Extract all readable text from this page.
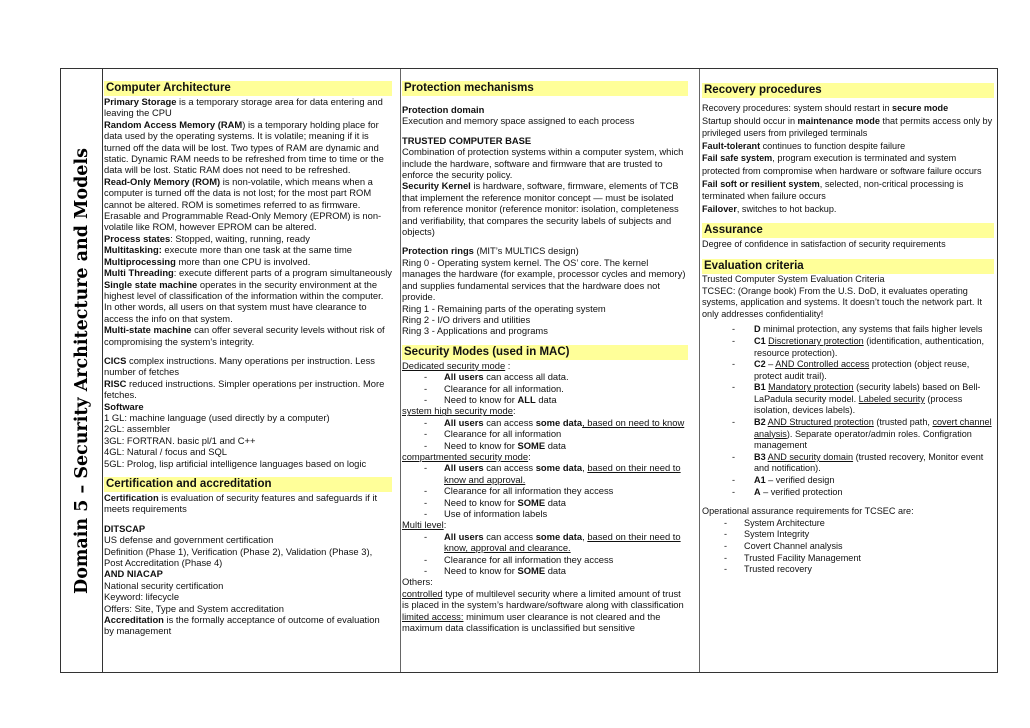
Domain 5 – Security Architecture and Models
Computer Architecture
Primary Storage is a temporary storage area for data entering and leaving the CPU
Random Access Memory (RAM) is a temporary holding place for data used by the operating systems. It is volatile; meaning if it is turned off the data will be lost. Two types of RAM are dynamic and static. Dynamic RAM needs to be refreshed from time to time or the data will be lost. Static RAM does not need to be refreshed.
Read-Only Memory (ROM) is non-volatile, which means when a computer is turned off the data is not lost; for the most part ROM cannot be altered. ROM is sometimes referred to as firmware. Erasable and Programmable Read-Only Memory (EPROM) is non-volatile like ROM, however EPROM can be altered.
Process states: Stopped, waiting, running, ready
Multitasking: execute more than one task at the same time
Multiprocessing more than one CPU is involved.
Multi Threading: execute different parts of a program simultaneously
Single state machine operates in the security environment at the highest level of classification of the information within the computer. In other words, all users on that system must have clearance to access the info on that system.
Multi-state machine can offer several security levels without risk of compromising the system’s integrity.
CICS complex instructions. Many operations per instruction. Less number of fetches
RISC reduced instructions. Simpler operations per instruction. More fetches.
Software
1 GL: machine language (used directly by a computer)
2GL: assembler
3GL: FORTRAN. basic pl/1 and C++
4GL: Natural / focus and SQL
5GL: Prolog, lisp artificial intelligence languages based on logic
Certification and accreditation
Certification is evaluation of security features and safeguards if it meets requirements
DITSCAP
US defense and government certification
Definition (Phase 1), Verification (Phase 2), Validation (Phase 3), Post Accreditation (Phase 4)
AND NIACAP
National security certification
Keyword: lifecycle
Offers: Site, Type and System accreditation
Accreditation is the formally acceptance of outcome of evaluation by management
Protection mechanisms
Protection domain
Execution and memory space assigned to each process
TRUSTED COMPUTER BASE
Combination of protection systems within a computer system, which include the hardware, software and firmware that are trusted to enforce the security policy.
Security Kernel is hardware, software, firmware, elements of TCB that implement the reference monitor concept — must be isolated from reference monitor (reference monitor: isolation, completeness and verifiability, that compares the security labels of subjects and objects)
Protection rings (MIT’s MULTICS design)
Ring 0 - Operating system kernel. The OS’ core. The kernel manages the hardware (for example, processor cycles and memory) and supplies fundamental services that the hardware does not provide.
Ring 1 - Remaining parts of the operating system
Ring 2 - I/O drivers and utilities
Ring 3 - Applications and programs
Security Modes (used in MAC)
Dedicated security mode :
- All users can access all data.
- Clearance for all information.
- Need to know for ALL data
system high security mode:
- All users can access some data, based on need to know
- Clearance for all information
- Need to know for SOME data
compartmented security mode:
- All users can access some data, based on their need to know and approval.
- Clearance for all information they access
- Need to know for SOME data
- Use of information labels
Multi level:
- All users can access some data, based on their need to know, approval and clearance.
- Clearance for all information they access
- Need to know for SOME data
Others:
controlled type of multilevel security where a limited amount of trust is placed in the system’s hardware/software along with classification
limited access: minimum user clearance is not cleared and the maximum data classification is unclassified but sensitive
Recovery procedures
Recovery procedures: system should restart in secure mode
Startup should occur in maintenance mode that permits access only by privileged users from privileged terminals
Fault-tolerant continues to function despite failure
Fail safe system, program execution is terminated and system protected from compromise when hardware or software failure occurs
Fail soft or resilient system, selected, non-critical processing is terminated when failure occurs
Failover, switches to hot backup.
Assurance
Degree of confidence in satisfaction of security requirements
Evaluation criteria
Trusted Computer System Evaluation Criteria
TCSEC: (Orange book) From the U.S. DoD, it evaluates operating systems, application and systems. It doesn’t touch the network part. It only addresses confidentiality!
- D minimal protection, any systems that fails higher levels
- C1 Discretionary protection (identification, authentication, resource protection).
- C2 – AND Controlled access protection (object reuse, protect audit trail).
- B1 Mandatory protection (security labels) based on Bell-LaPadula security model. Labeled security (process isolation, devices labels).
- B2 AND Structured protection (trusted path, covert channel analysis). Separate operator/admin roles. Configration management
- B3 AND security domain (trusted recovery, Monitor event and notification).
- A1 – verified design
- A – verified protection
Operational assurance requirements for TCSEC are:
- System Architecture
- System Integrity
- Covert Channel analysis
- Trusted Facility Management
- Trusted recovery
